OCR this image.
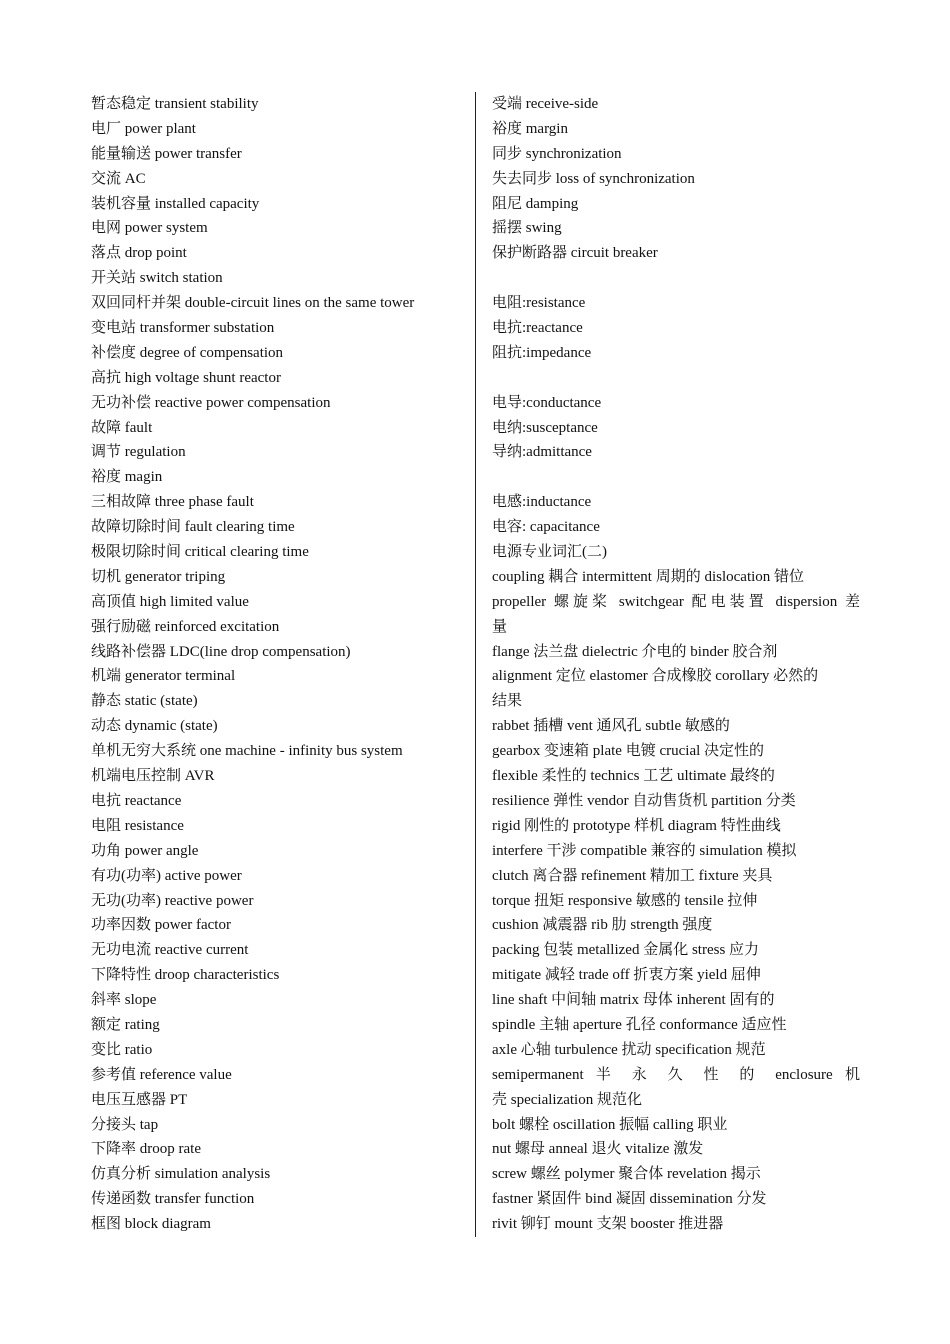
暂态稳定 transient stability
电厂 power plant
能量输送 power transfer
交流 AC
装机容量 installed capacity
电网 power system
落点 drop point
开关站 switch station
双回同杆并架 double-circuit lines on the same tower
变电站 transformer substation
补偿度 degree of compensation
高抗 high voltage shunt reactor
无功补偿 reactive power compensation
故障 fault
调节 regulation
裕度 magin
三相故障 three phase fault
故障切除时间 fault clearing time
极限切除时间 critical clearing time
切机 generator triping
高顶值 high limited value
强行励磁 reinforced excitation
线路补偿器 LDC(line drop compensation)
机端 generator terminal
静态 static (state)
动态 dynamic (state)
单机无穷大系统 one machine - infinity bus system
机端电压控制 AVR
电抗 reactance
电阻 resistance
功角 power angle
有功(功率) active power
无功(功率) reactive power
功率因数 power factor
无功电流 reactive current
下降特性 droop characteristics
斜率 slope
额定 rating
变比 ratio
参考值 reference value
电压互感器 PT
分接头 tap
下降率 droop rate
仿真分析 simulation analysis
传递函数 transfer function
框图 block diagram
受端 receive-side
裕度 margin
同步 synchronization
失去同步 loss of synchronization
阻尼 damping
摇摆 swing
保护断路器 circuit breaker
电阻:resistance
电抗:reactance
阻抗:impedance
电导:conductance
电纳:susceptance
导纳:admittance
电感:inductance
电容: capacitance
电源专业词汇(二)
coupling 耦合 intermittent 周期的 dislocation 错位
propeller 螺旋桨 switchgear 配电装置 dispersion 差
量
flange 法兰盘 dielectric 介电的 binder 胶合剂
alignment 定位 elastomer 合成橡胶 corollary 必然的
结果
rabbet 插槽 vent 通风孔 subtle 敏感的
gearbox 变速箱 plate 电镀 crucial 决定性的
flexible 柔性的 technics 工艺 ultimate 最终的
resilience 弹性 vendor 自动售货机 partition 分类
rigid 刚性的 prototype 样机 diagram 特性曲线
interfere 干涉 compatible 兼容的 simulation 模拟
clutch 离合器 refinement 精加工 fixture 夹具
torque 扭矩 responsive 敏感的 tensile 拉伸
cushion 减震器 rib 肋 strength 强度
packing 包装 metallized 金属化 stress 应力
mitigate 减轻 trade off 折衷方案 yield 屈伸
line shaft 中间轴 matrix 母体 inherent 固有的
spindle 主轴 aperture 孔径 conformance 适应性
axle 心轴 turbulence 扰动 specification 规范
semipermanent 半 永 久 性 的 enclosure 机
壳 specialization 规范化
bolt 螺栓 oscillation 振幅 calling 职业
nut 螺母 anneal 退火 vitalize 激发
screw 螺丝 polymer 聚合体 revelation 揭示
fastner 紧固件 bind 凝固 dissemination 分发
rivit 铆钉 mount 支架 booster 推进器
